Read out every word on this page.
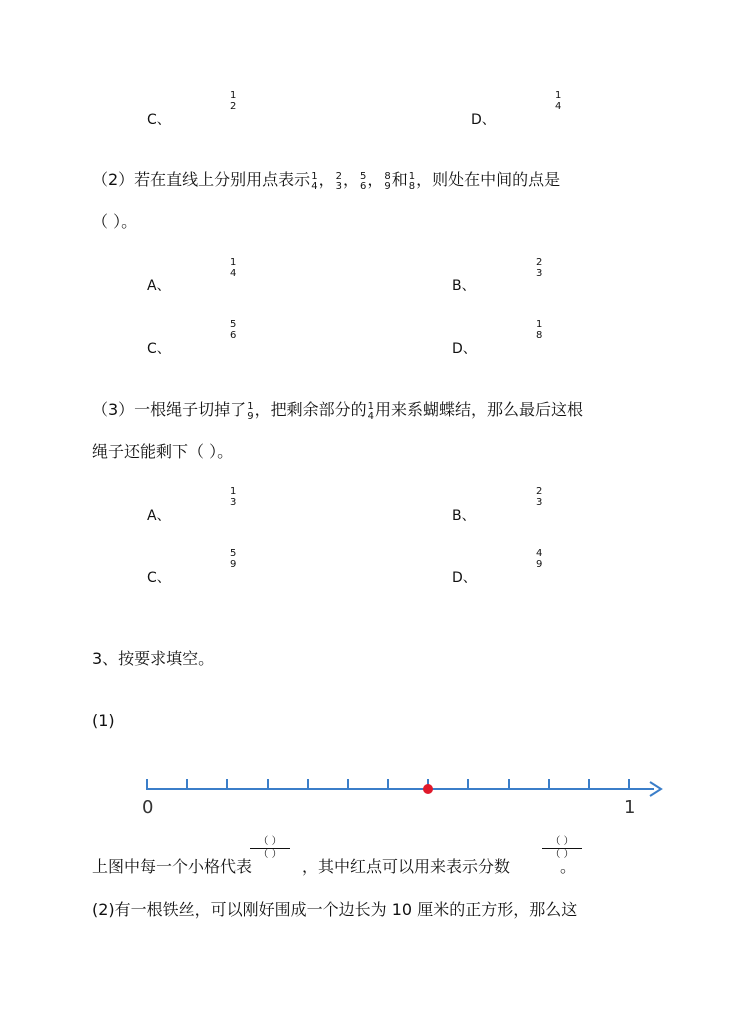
C、
1
2
D、
1
4
（2）若在直线上分别用点表示 1
4 ， 2
3 ， 5
6 ， 8
9 和 1
8 ，则处在中间的点是
（ ）。
A、
1
4
B、
2
3
C、
5
6
D、
1
8
（3）一根绳子切掉了 1
9 ，把剩余部分的 1
4 用来系蝴蝶结，那么最后这根
绳子还能剩下（ ）。
A、
1
3
B、
2
3
C、
5
9
D、
4
9
3、按要求填空。
(1)
0	1
上图中每一个小格代表	，其中红点可以用来表示分数	。
（ ）
（ ）
（ ）
（ ）
(2)有一根铁丝，可以刚好围成一个边长为 10 厘米的正方形，那么这
